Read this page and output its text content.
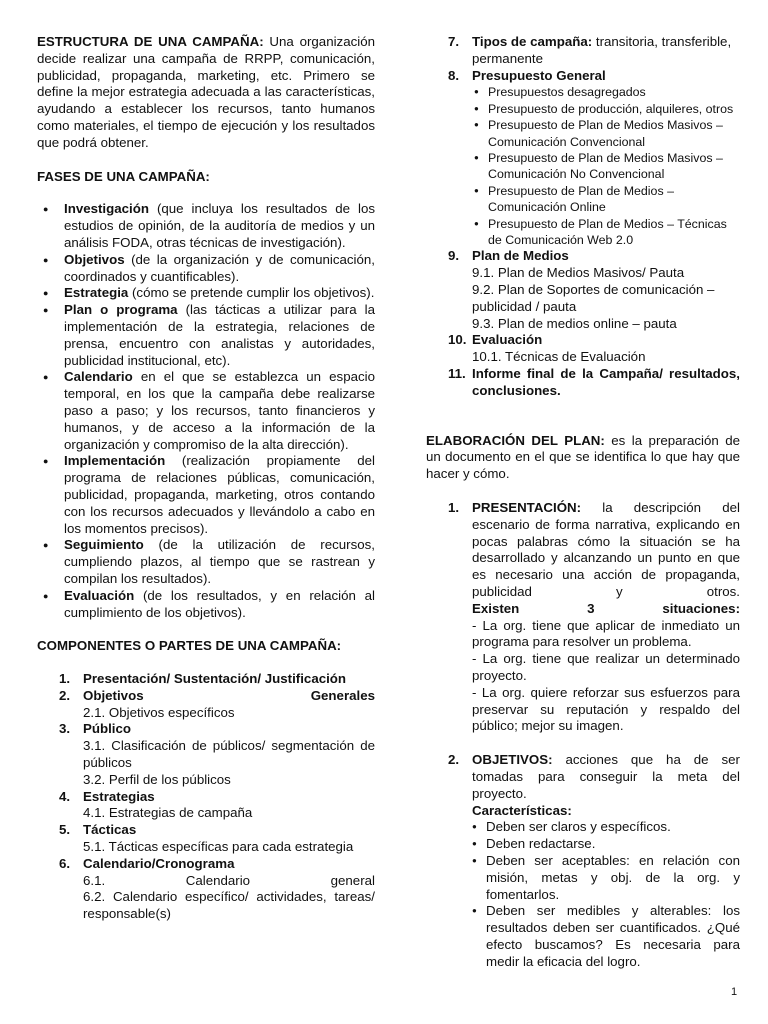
ESTRUCTURA DE UNA CAMPAÑA: Una organización decide realizar una campaña de RRPP, comunicación, publicidad, propaganda, marketing, etc. Primero se define la mejor estrategia adecuada a las características, ayudando a establecer los recursos, tanto humanos como materiales, el tiempo de ejecución y los resultados que podrá obtener.

FASES DE UNA CAMPAÑA:

● Investigación (que incluya los resultados de los estudios de opinión, de la auditoría de medios y un análisis FODA, otras técnicas de investigación).
● Objetivos (de la organización y de comunicación, coordinados y cuantificables).
● Estrategia (cómo se pretende cumplir los objetivos).
● Plan o programa (las tácticas a utilizar para la implementación de la estrategia, relaciones de prensa, encuentro con analistas y autoridades, publicidad institucional, etc).
● Calendario en el que se establezca un espacio temporal, en los que la campaña debe realizarse paso a paso; y los recursos, tanto financieros y humanos, y de acceso a la información de la organización y compromiso de la alta dirección).
● Implementación (realización propiamente del programa de relaciones públicas, comunicación, publicidad, propaganda, marketing, otros contando con los recursos adecuados y llevándolo a cabo en los momentos precisos).
● Seguimiento (de la utilización de recursos, cumpliendo plazos, al tiempo que se rastrean y compilan los resultados).
● Evaluación (de los resultados, y en relación al cumplimiento de los objetivos).

COMPONENTES O PARTES DE UNA CAMPAÑA:

1. Presentación/ Sustentación/ Justificación
2. Objetivos Generales
2.1. Objetivos específicos
3. Público
3.1. Clasificación de públicos/ segmentación de públicos
3.2. Perfil de los públicos
4. Estrategias
4.1. Estrategias de campaña
5. Tácticas
5.1. Tácticas específicas para cada estrategia
6. Calendario/Cronograma
6.1. Calendario general
6.2. Calendario específico/ actividades, tareas/ responsable(s)
7. Tipos de campaña: transitoria, transferible, permanente
8. Presupuesto General
● Presupuestos desagregados
● Presupuesto de producción, alquileres, otros
● Presupuesto de Plan de Medios Masivos – Comunicación Convencional
● Presupuesto de Plan de Medios Masivos – Comunicación No Convencional
● Presupuesto de Plan de Medios – Comunicación Online
● Presupuesto de Plan de Medios – Técnicas de Comunicación Web 2.0
9. Plan de Medios
9.1. Plan de Medios Masivos/ Pauta
9.2. Plan de Soportes de comunicación – publicidad / pauta
9.3. Plan de medios online – pauta
10. Evaluación
10.1. Técnicas de Evaluación
11. Informe final de la Campaña/ resultados, conclusiones.

ELABORACIÓN DEL PLAN: es la preparación de un documento en el que se identifica lo que hay que hacer y cómo.

1. PRESENTACIÓN: la descripción del escenario de forma narrativa, explicando en pocas palabras cómo la situación se ha desarrollado y alcanzando un punto en que es necesario una acción de propaganda, publicidad y otros.
Existen 3 situaciones:
- La org. tiene que aplicar de inmediato un programa para resolver un problema.
- La org. tiene que realizar un determinado proyecto.
- La org. quiere reforzar sus esfuerzos para preservar su reputación y respaldo del público; mejor su imagen.
2. OBJETIVOS: acciones que ha de ser tomadas para conseguir la meta del proyecto.
Características:
● Deben ser claros y específicos.
● Deben redactarse.
● Deben ser aceptables: en relación con misión, metas y obj. de la org. y fomentarlos.
● Deben ser medibles y alterables: los resultados deben ser cuantificados. ¿Qué efecto buscamos? Es necesaria para medir la eficacia del logro.
1
